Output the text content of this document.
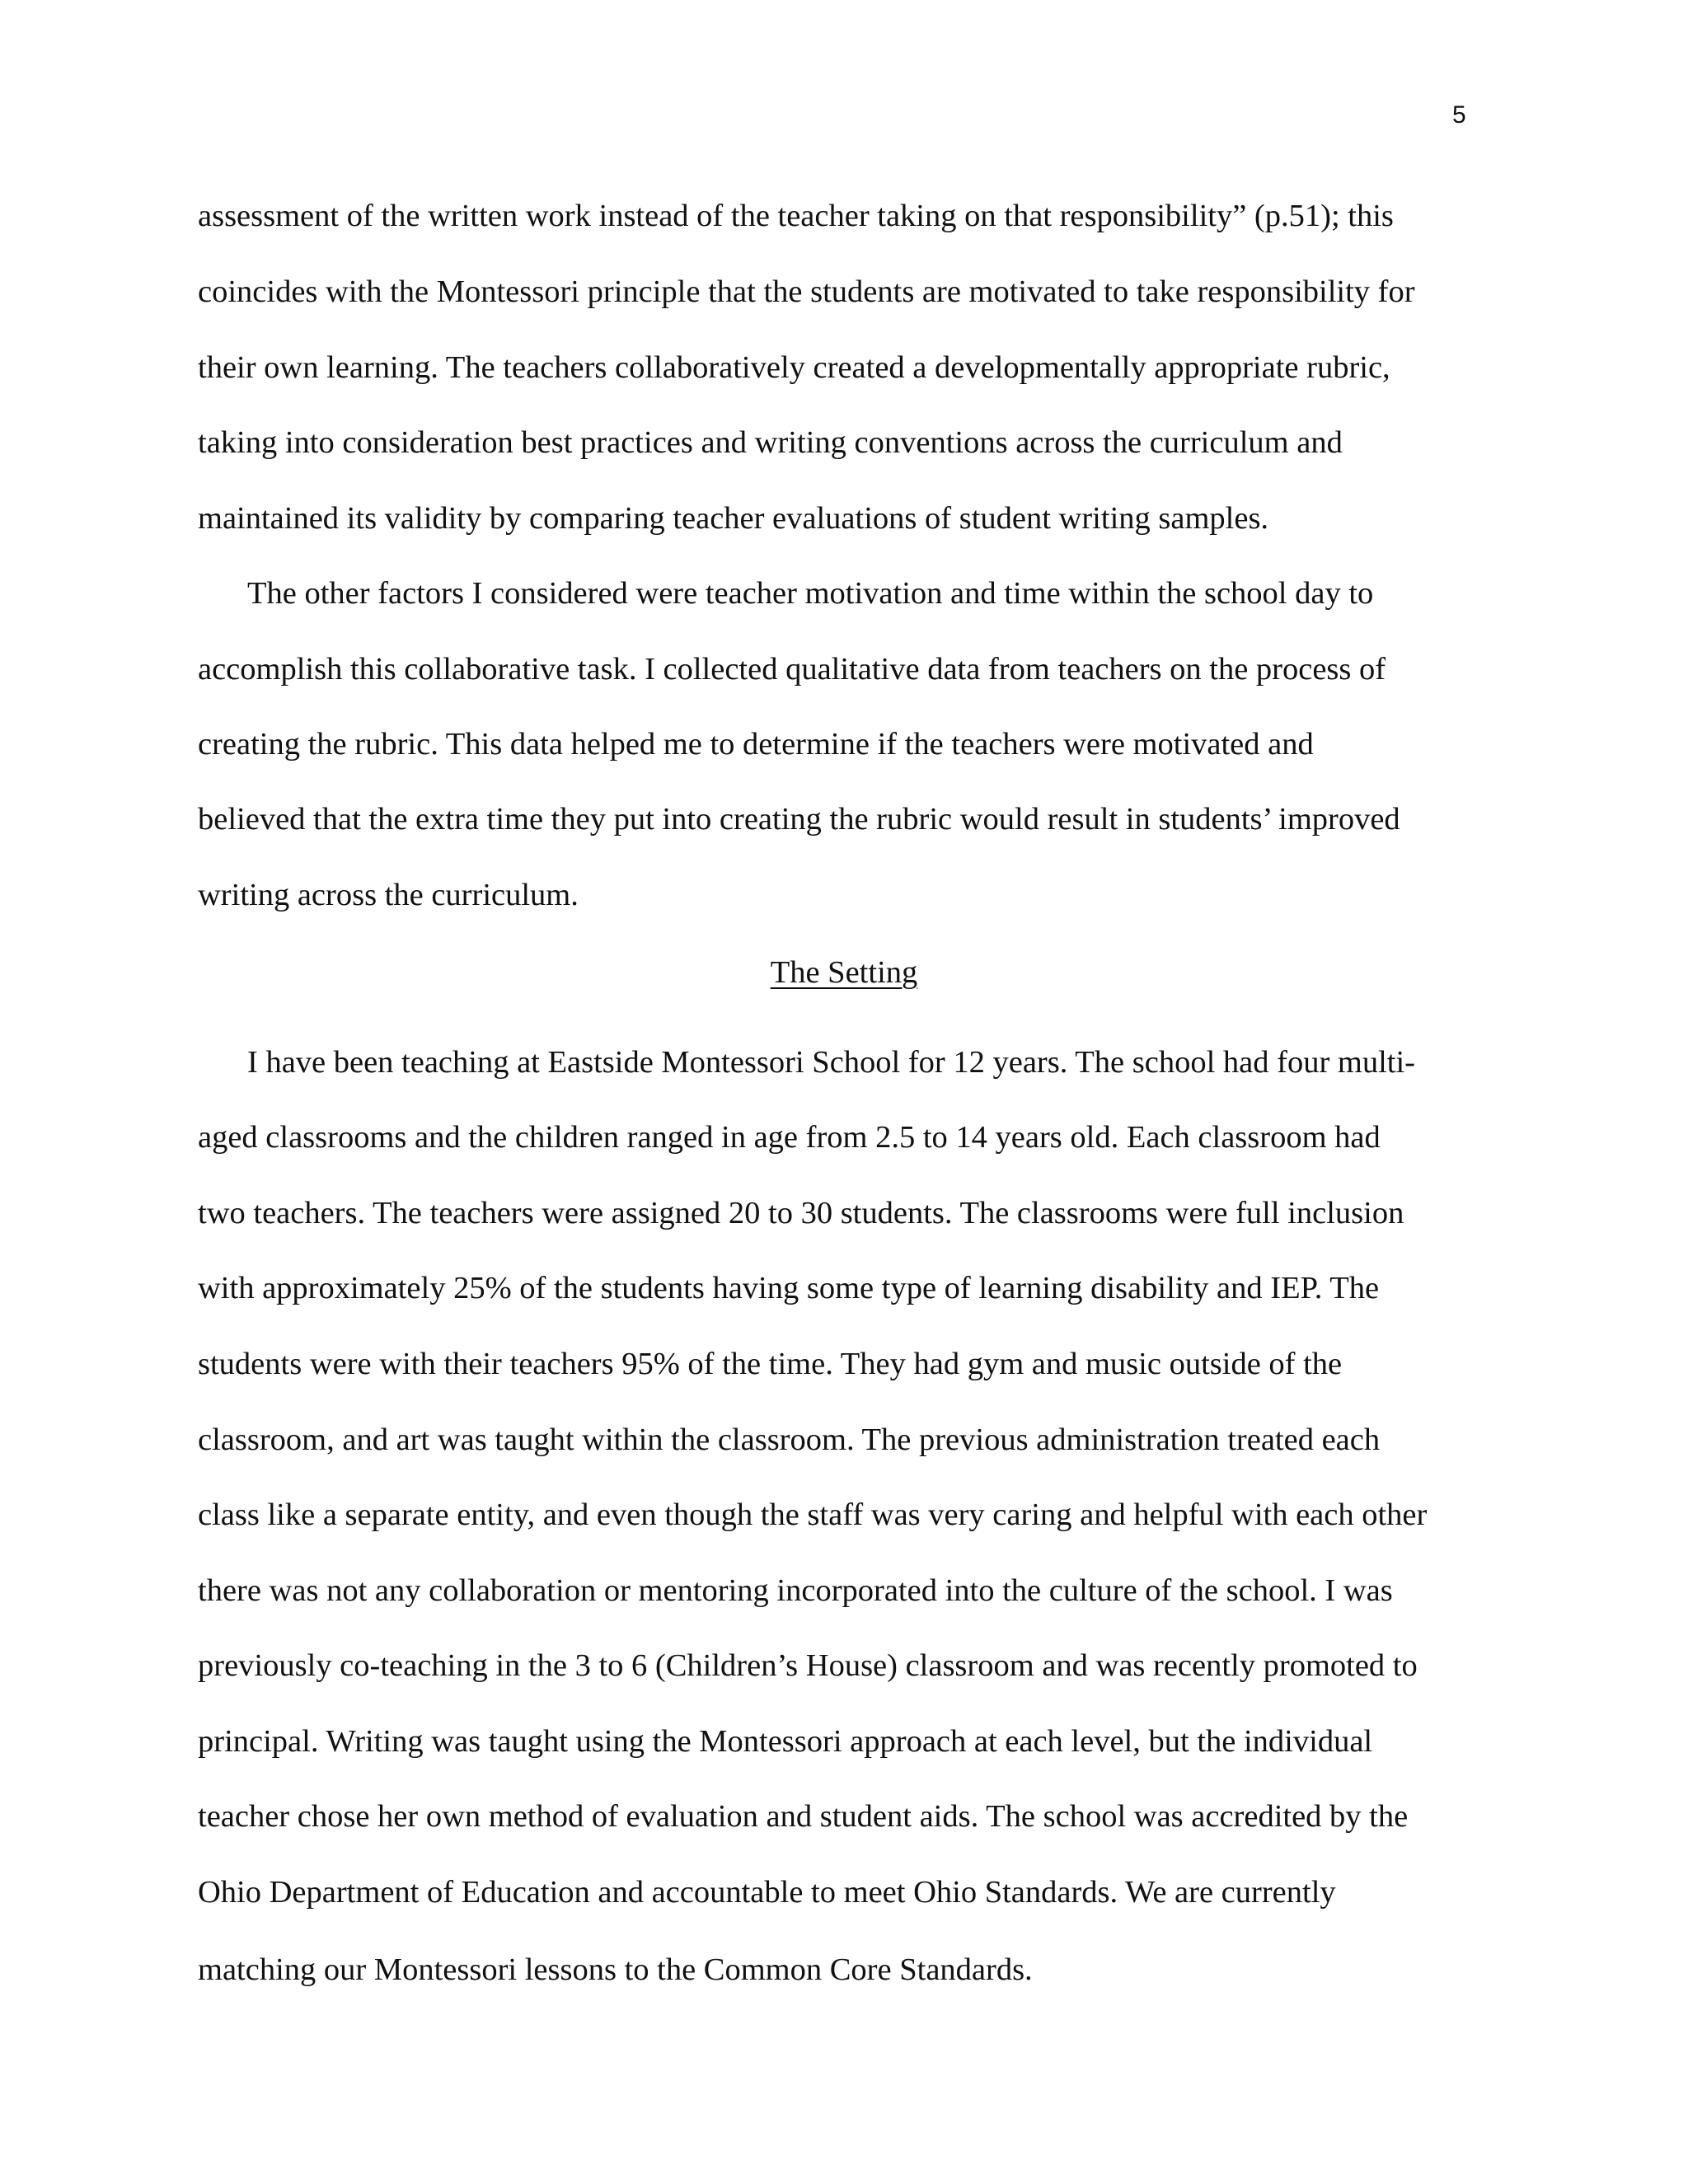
5
assessment of the written work instead of the teacher taking on that responsibility” (p.51); this
coincides with the Montessori principle that the students are motivated to take responsibility for
their own learning. The teachers collaboratively created a developmentally appropriate rubric,
taking into consideration best practices and writing conventions across the curriculum and
maintained its validity by comparing teacher evaluations of student writing samples.
The other factors I considered were teacher motivation and time within the school day to
accomplish this collaborative task. I collected qualitative data from teachers on the process of
creating the rubric. This data helped me to determine if the teachers were motivated and
believed that the extra time they put into creating the rubric would result in students’ improved
writing across the curriculum.
The Setting
I have been teaching at Eastside Montessori School for 12 years. The school had four multi-
aged classrooms and the children ranged in age from 2.5 to 14 years old. Each classroom had
two teachers. The teachers were assigned 20 to 30 students. The classrooms were full inclusion
with approximately 25% of the students having some type of learning disability and IEP. The
students were with their teachers 95% of the time. They had gym and music outside of the
classroom, and art was taught within the classroom. The previous administration treated each
class like a separate entity, and even though the staff was very caring and helpful with each other
there was not any collaboration or mentoring incorporated into the culture of the school. I was
previously co-teaching in the 3 to 6 (Children’s House) classroom and was recently promoted to
principal. Writing was taught using the Montessori approach at each level, but the individual
teacher chose her own method of evaluation and student aids. The school was accredited by the
Ohio Department of Education and accountable to meet Ohio Standards. We are currently
matching our Montessori lessons to the Common Core Standards.
